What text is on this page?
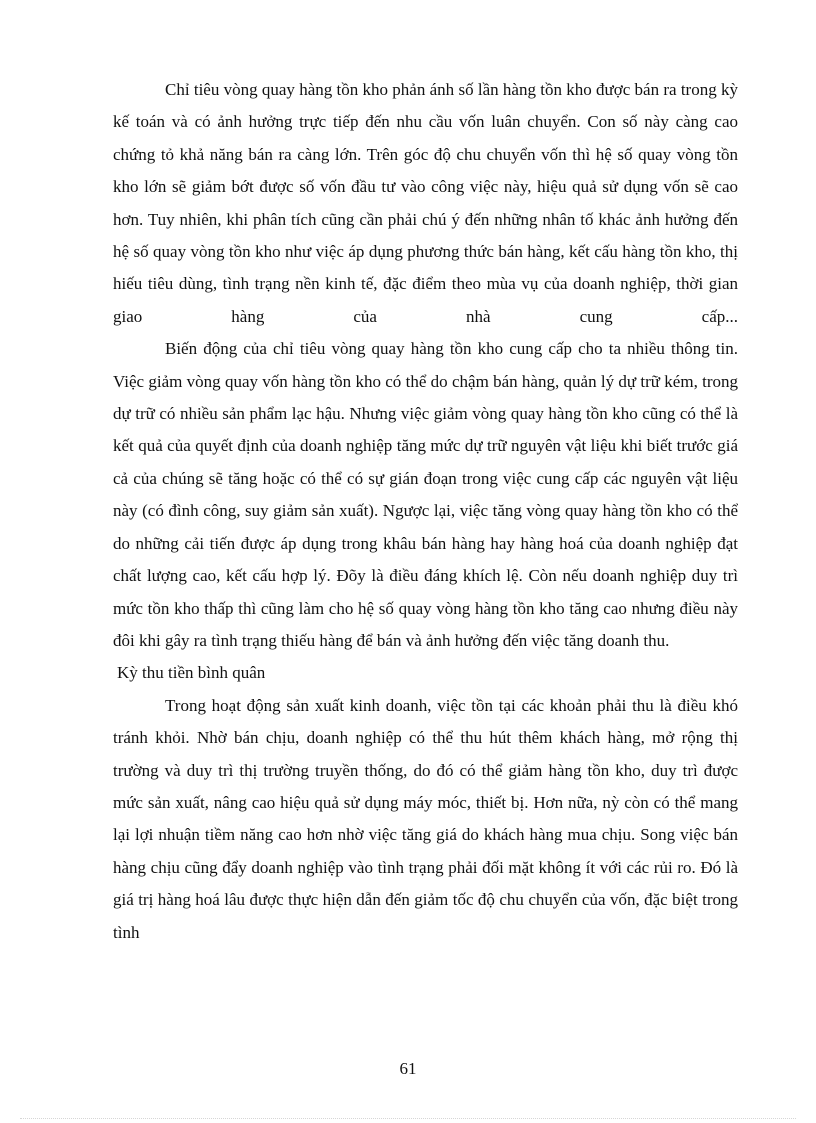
Chỉ tiêu vòng quay hàng tồn kho phản ánh số lần hàng tồn kho được bán ra trong kỳ kế toán và có ảnh hưởng trực tiếp đến nhu cầu vốn luân chuyển. Con số này càng cao chứng tỏ khả năng bán ra càng lớn. Trên góc độ chu chuyển vốn thì hệ số quay vòng tồn kho lớn sẽ giảm bớt được số vốn đầu tư vào công việc này, hiệu quả sử dụng vốn sẽ cao hơn. Tuy nhiên, khi phân tích cũng cần phải chú ý đến những nhân tố khác ảnh hưởng đến hệ số quay vòng tồn kho như việc áp dụng phương thức bán hàng, kết cấu hàng tồn kho, thị hiếu tiêu dùng, tình trạng nền kinh tế, đặc điểm theo mùa vụ của doanh nghiệp, thời gian giao hàng của nhà cung cấp...

Biến động của chỉ tiêu vòng quay hàng tồn kho cung cấp cho ta nhiều thông tin. Việc giảm vòng quay vốn hàng tồn kho có thể do chậm bán hàng, quản lý dự trữ kém, trong dự trữ có nhiều sản phẩm lạc hậu. Nhưng việc giảm vòng quay hàng tồn kho cũng có thể là kết quả của quyết định của doanh nghiệp tăng mức dự trữ nguyên vật liệu khi biết trước giá cả của chúng sẽ tăng hoặc có thể có sự gián đoạn trong việc cung cấp các nguyên vật liệu này (có đình công, suy giảm sản xuất). Ngược lại, việc tăng vòng quay hàng tồn kho có thể do những cải tiến được áp dụng trong khâu bán hàng hay hàng hoá của doanh nghiệp đạt chất lượng cao, kết cấu hợp lý. Đõy là điều đáng khích lệ. Còn nếu doanh nghiệp duy trì mức tồn kho thấp thì cũng làm cho hệ số quay vòng hàng tồn kho tăng cao nhưng điều này đôi khi gây ra tình trạng thiếu hàng để bán và ảnh hưởng đến việc tăng doanh thu.

Kỳ thu tiền bình quân

Trong hoạt động sản xuất kinh doanh, việc tồn tại các khoản phải thu là điều khó tránh khỏi. Nhờ bán chịu, doanh nghiệp có thể thu hút thêm khách hàng, mở rộng thị trường và duy trì thị trường truyền thống, do đó có thể giảm hàng tồn kho, duy trì được mức sản xuất, nâng cao hiệu quả sử dụng máy móc, thiết bị. Hơn nữa, nỳ còn có thể mang lại lợi nhuận tiềm năng cao hơn nhờ việc tăng giá do khách hàng mua chịu. Song việc bán hàng chịu cũng đẩy doanh nghiệp vào tình trạng phải đối mặt không ít với các rủi ro. Đó là giá trị hàng hoá lâu được thực hiện dẫn đến giảm tốc độ chu chuyển của vốn, đặc biệt trong tình

61
